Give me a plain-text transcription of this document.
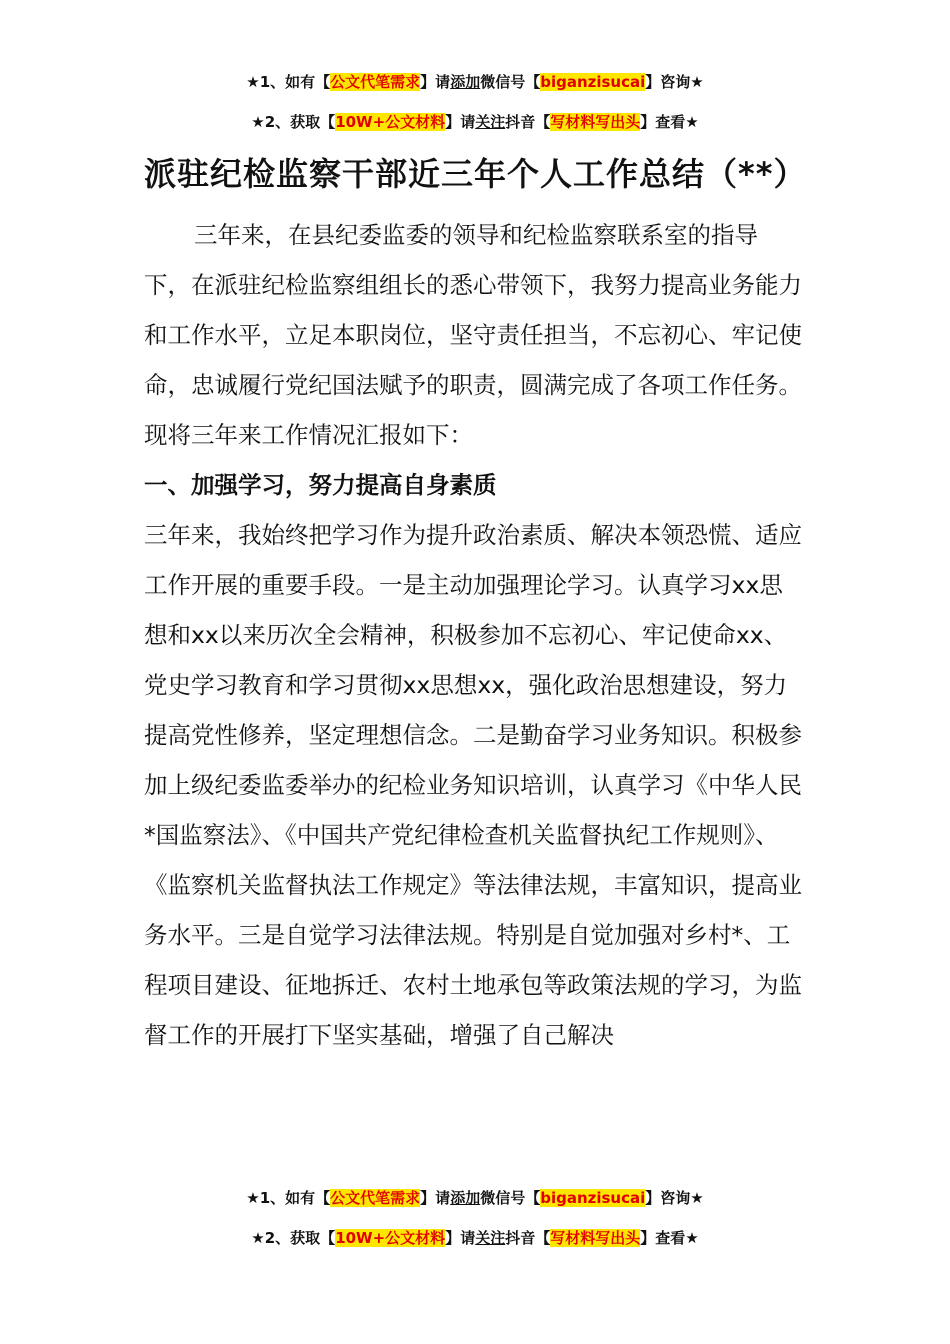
★1、如有【公文代笔需求】请添加微信号【biganzisucai】咨询★
★2、获取【10W+公文材料】请关注抖音【写材料写出头】查看★
派驻纪检监察干部近三年个人工作总结（**）

三年来，在县纪委监委的领导和纪检监察联系室的指导下，在派驻纪检监察组组长的悉心带领下，我努力提高业务能力和工作水平，立足本职岗位，坚守责任担当，不忘初心、牢记使命，忠诚履行党纪国法赋予的职责，圆满完成了各项工作任务。现将三年来工作情况汇报如下：

一、加强学习，努力提高自身素质

三年来，我始终把学习作为提升政治素质、解决本领恐慌、适应工作开展的重要手段。一是主动加强理论学习。认真学习xx思想和xx以来历次全会精神，积极参加不忘初心、牢记使命xx、党史学习教育和学习贯彻xx思想xx，强化政治思想建设，努力提高党性修养，坚定理想信念。二是勤奋学习业务知识。积极参加上级纪委监委举办的纪检业务知识培训，认真学习《中华人民*国监察法》、《中国共产党纪律检查机关监督执纪工作规则》、《监察机关监督执法工作规定》等法律法规，丰富知识，提高业务水平。三是自觉学习法律法规。特别是自觉加强对乡村*、工程项目建设、征地拆迁、农村土地承包等政策法规的学习，为监督工作的开展打下坚实基础，增强了自己解决

★1、如有【公文代笔需求】请添加微信号【biganzisucai】咨询★
★2、获取【10W+公文材料】请关注抖音【写材料写出头】查看★
